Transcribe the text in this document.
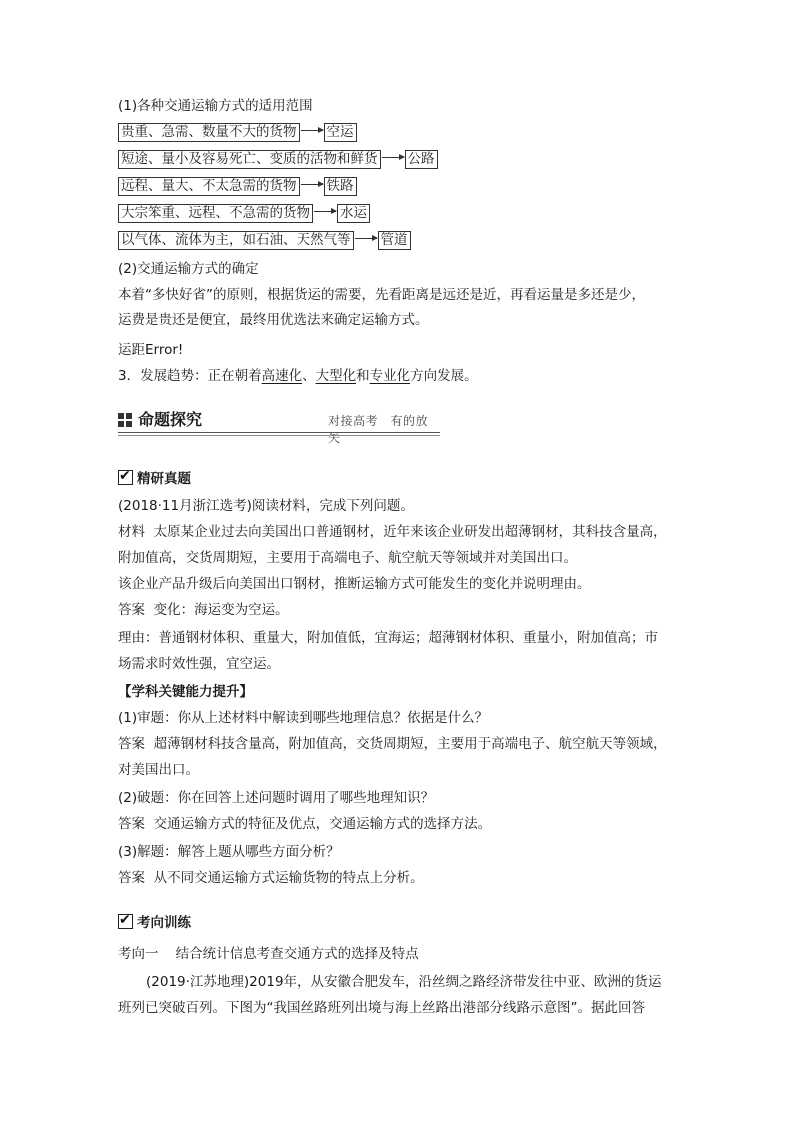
(1)各种交通运输方式的适用范围
贵重、急需、数量不大的货物 空运
短途、量小及容易死亡、变质的活物和鲜货 公路
远程、量大、不太急需的货物 铁路
大宗笨重、远程、不急需的货物 水运
以气体、流体为主，如石油、天然气等 管道
(2)交通运输方式的确定
本着“多快好省”的原则，根据货运的需要，先看距离是远还是近，再看运量是多还是少，
运费是贵还是便宜，最终用优选法来确定运输方式。
运距Error!
3．发展趋势：正在朝着高速化、大型化和专业化方向发展。
命题探究	对接高考　有的放矢
✔精研真题
(2018·11月浙江选考)阅读材料，完成下列问题。
材料 太原某企业过去向美国出口普通钢材，近年来该企业研发出超薄钢材，其科技含量高，
附加值高，交货周期短，主要用于高端电子、航空航天等领域并对美国出口。
该企业产品升级后向美国出口钢材，推断运输方式可能发生的变化并说明理由。
答案 变化：海运变为空运。
理由：普通钢材体积、重量大，附加值低，宜海运；超薄钢材体积、重量小，附加值高；市
场需求时效性强，宜空运。
【学科关键能力提升】
(1)审题：你从上述材料中解读到哪些地理信息？依据是什么？
答案 超薄钢材科技含量高，附加值高，交货周期短，主要用于高端电子、航空航天等领域，
对美国出口。
(2)破题：你在回答上述问题时调用了哪些地理知识？
答案 交通运输方式的特征及优点，交通运输方式的选择方法。
(3)解题：解答上题从哪些方面分析？
答案 从不同交通运输方式运输货物的特点上分析。
✔考向训练
考向一 结合统计信息考查交通方式的选择及特点
(2019·江苏地理)2019年，从安徽合肥发车，沿丝绸之路经济带发往中亚、欧洲的货运
班列已突破百列。下图为“我国丝路班列出境与海上丝路出港部分线路示意图”。据此回答
